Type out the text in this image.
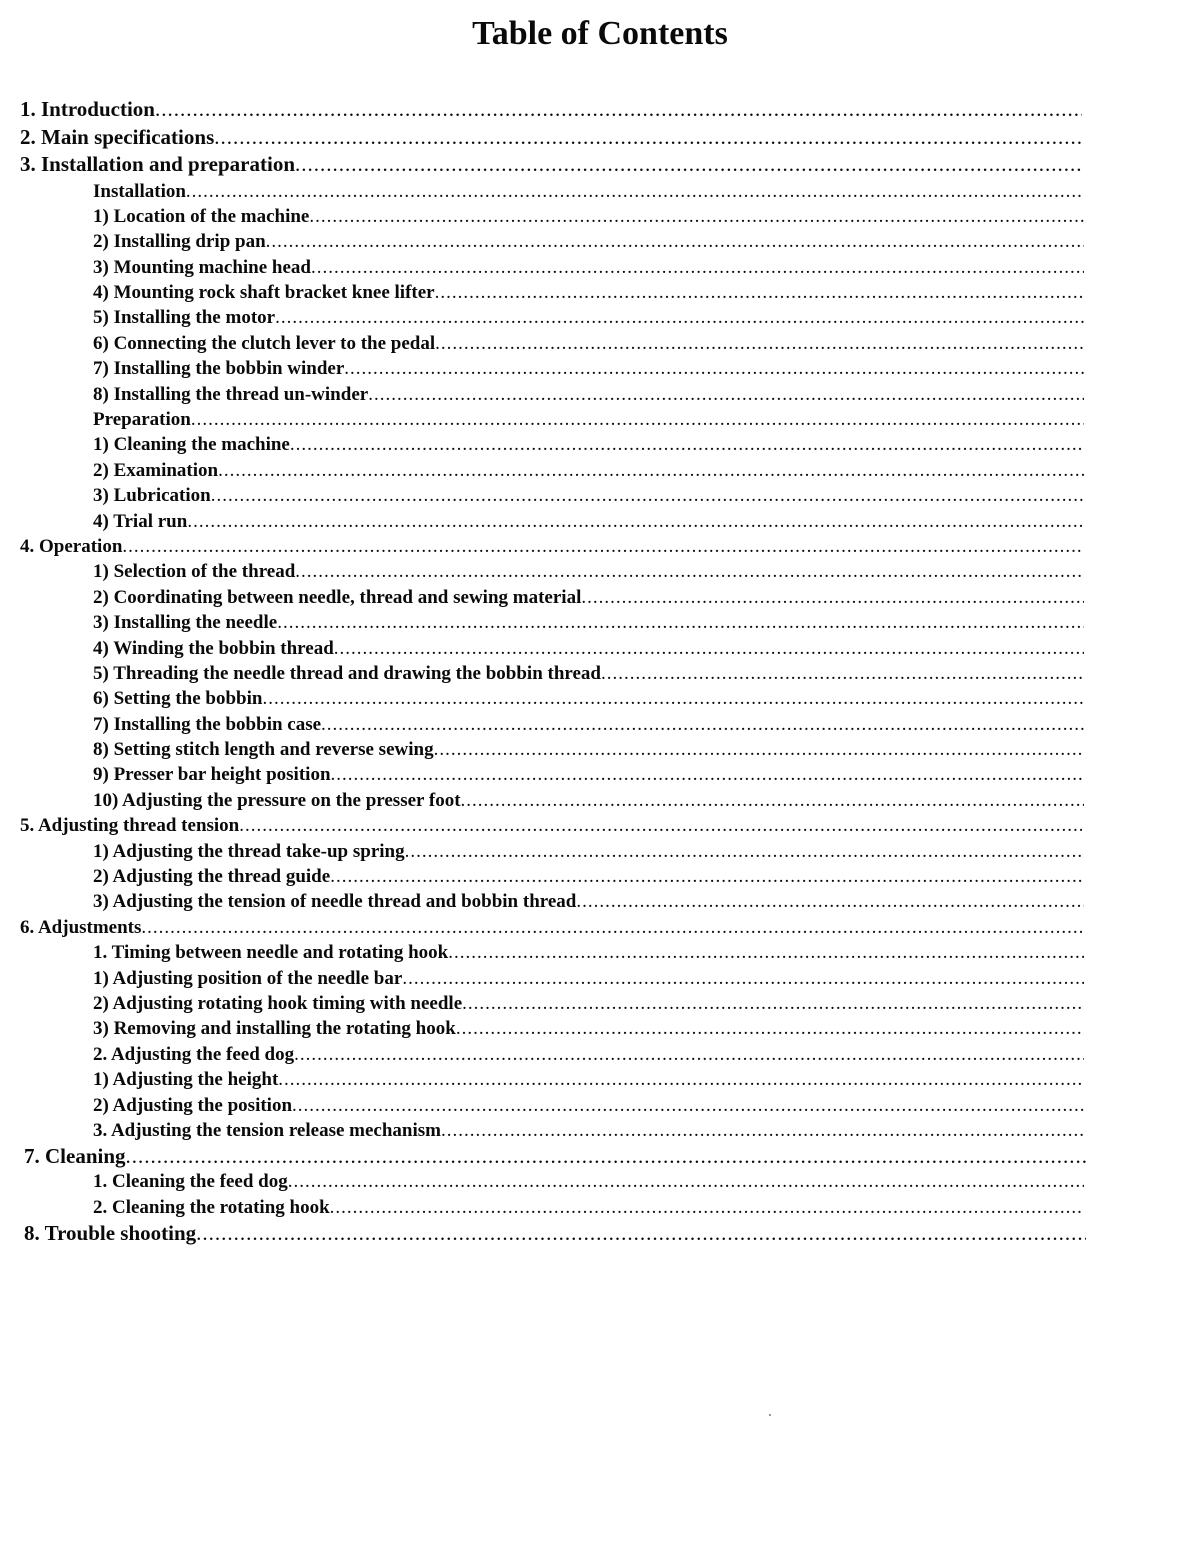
Table of Contents
1. Introduction
.....
2. Main specifications
.....
3. Installation and preparation
.....
Installation
.....
1) Location of the machine
.....
2) Installing drip pan
.....
3) Mounting machine head
.....
4) Mounting rock shaft bracket knee lifter
.....
5) Installing the motor
.....
6) Connecting the clutch lever to the pedal
.....
7) Installing the bobbin winder
.....
8) Installing the thread un-winder
.....
Preparation
.....
1) Cleaning the machine
.....
2) Examination
.....
3) Lubrication
.....
4) Trial run
.....
4. Operation
.....
1) Selection of the thread
.....
2) Coordinating between needle, thread and sewing material
.....
3) Installing the needle
.....
4) Winding the bobbin thread
.....
5) Threading the needle thread and drawing the bobbin thread
.....
6) Setting the bobbin
.....
7) Installing the bobbin case
.....
8) Setting stitch length and reverse sewing
.....
9) Presser bar height position
.....
10) Adjusting the pressure on the presser foot
.....
5. Adjusting thread tension
.....
1) Adjusting the thread take-up spring
.....
2) Adjusting the thread guide
.....
3) Adjusting the tension of needle thread and bobbin thread
.....
6. Adjustments
.....
1. Timing between needle and rotating hook
.....
1) Adjusting position of the needle bar
.....
2) Adjusting rotating hook timing with needle
.....
3) Removing and installing the rotating hook
.....
2. Adjusting the feed dog
.....
1) Adjusting the height
.....
2) Adjusting the position
.....
3. Adjusting the tension release mechanism
.....
7. Cleaning
.....
1. Cleaning the feed dog
.....
2. Cleaning the rotating hook
.....
8. Trouble shooting
.....
